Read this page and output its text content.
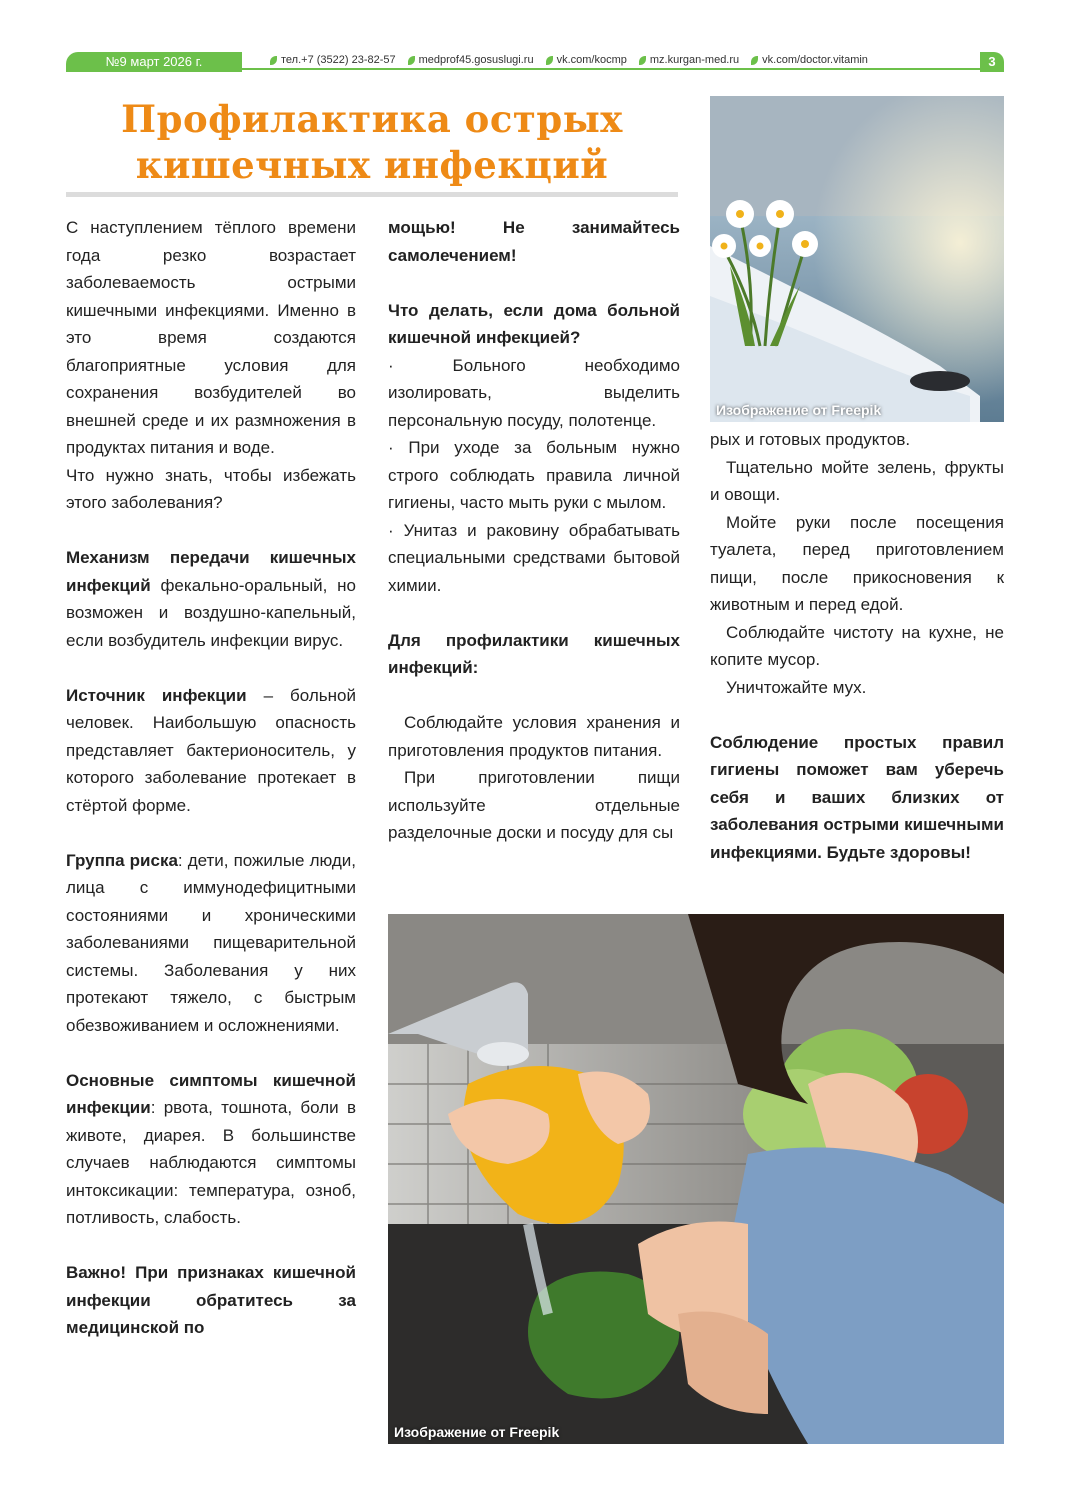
№9 март 2026 г.	тел.+7 (3522) 23-82-57 medprof45.gosuslugi.ru vk.com/kocmp mz.kurgan-med.ru vk.com/doctor.vitamin	3
Профилактика острых
кишечных инфекций

С наступлением тёплого времени года резко возрастает заболеваемость острыми кишечными инфекциями. Именно в это время создаются благоприятные условия для сохранения возбудителей во внешней среде и их размножения в продуктах питания и воде.

Что нужно знать, чтобы избежать этого заболевания?

Механизм передачи кишечных инфекций фекально-оральный, но возможен и воздушно-капельный, если возбудитель инфекции вирус.

Источник инфекции – больной человек. Наибольшую опасность представляет бактерионоситель, у которого заболевание протекает в стёртой форме.

Группа риска: дети, пожилые люди, лица с иммунодефицитными состояниями и хроническими заболеваниями пищеварительной системы. Заболевания у них протекают тяжело, с быстрым обезвоживанием и осложнениями.

Основные симптомы кишечной инфекции: рвота, тошнота, боли в животе, диарея. В большинстве случаев наблюдаются симптомы интоксикации: температура, озноб, потливость, слабость.

Важно! При признаках кишечной инфекции обратитесь за медицинской по

мощью! Не занимайтесь самолечением!

Что делать, если дома больной кишечной инфекцией?

· Больного необходимо изолировать, выделить персональную посуду, полотенце.

· При уходе за больным нужно строго соблюдать правила личной гигиены, часто мыть руки с мылом.

· Унитаз и раковину обрабатывать специальными средствами бытовой химии.

Для профилактики кишечных инфекций:

Соблюдайте условия хранения и приготовления продуктов питания.

При приготовлении пищи используйте отдельные разделочные доски и посуду для сы

рых и готовых продуктов.

Тщательно мойте зелень, фрукты и овощи.

Мойте руки после посещения туалета, перед приготовлением пищи, после прикосновения к животным и перед едой.

Соблюдайте чистоту на кухне, не копите мусор.

Уничтожайте мух.

Соблюдение простых правил гигиены поможет вам уберечь себя и ваших близких от заболевания острыми кишечными инфекциями. Будьте здоровы!

Изображение от Freepik
Изображение от Freepik
